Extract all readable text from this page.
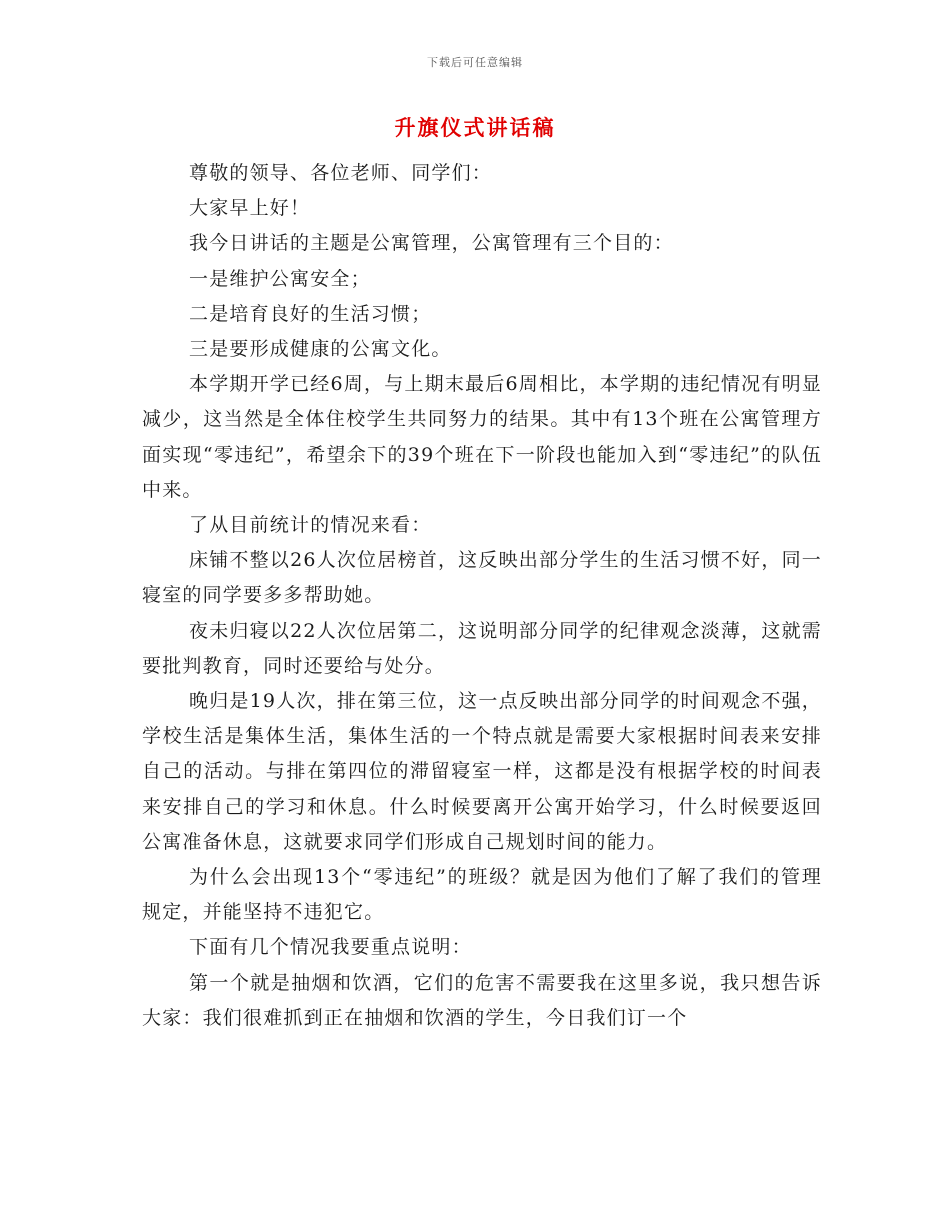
下载后可任意编辑
升旗仪式讲话稿

尊敬的领导、各位老师、同学们：

大家早上好！

我今日讲话的主题是公寓管理，公寓管理有三个目的：

一是维护公寓安全；

二是培育良好的生活习惯；

三是要形成健康的公寓文化。

本学期开学已经6周，与上期末最后6周相比，本学期的违纪情况有明显减少，这当然是全体住校学生共同努力的结果。其中有13个班在公寓管理方面实现“零违纪”，希望余下的39个班在下一阶段也能加入到“零违纪”的队伍中来。

了从目前统计的情况来看：

床铺不整以26人次位居榜首，这反映出部分学生的生活习惯不好，同一寝室的同学要多多帮助她。

夜未归寝以22人次位居第二，这说明部分同学的纪律观念淡薄，这就需要批判教育，同时还要给与处分。

晚归是19人次，排在第三位，这一点反映出部分同学的时间观念不强，学校生活是集体生活，集体生活的一个特点就是需要大家根据时间表来安排自己的活动。与排在第四位的滞留寝室一样，这都是没有根据学校的时间表来安排自己的学习和休息。什么时候要离开公寓开始学习，什么时候要返回公寓准备休息，这就要求同学们形成自己规划时间的能力。

为什么会出现13个“零违纪”的班级？就是因为他们了解了我们的管理规定，并能坚持不违犯它。

下面有几个情况我要重点说明：

第一个就是抽烟和饮酒，它们的危害不需要我在这里多说，我只想告诉大家：我们很难抓到正在抽烟和饮酒的学生，今日我们订一个
